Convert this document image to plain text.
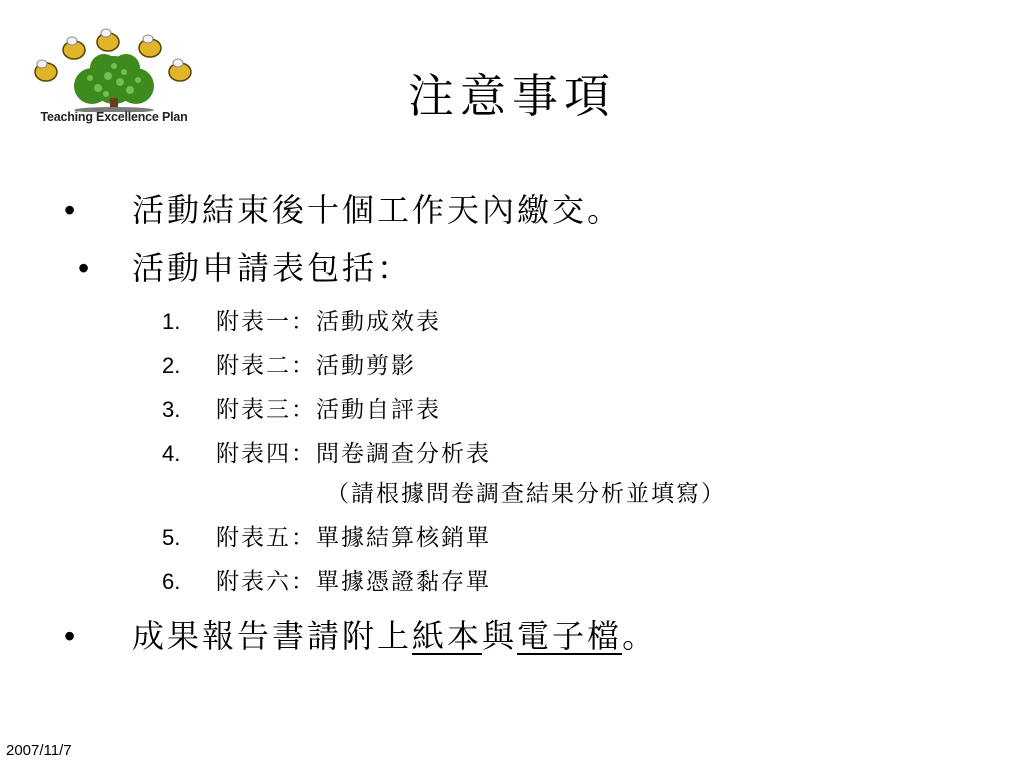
Teaching Excellence Plan	注意事項
• 活動結束後十個工作天內繳交。
• 活動申請表包括：
1. 附表一：活動成效表
2. 附表二：活動剪影
3. 附表三：活動自評表
4. 附表四：問卷調查分析表
（請根據問卷調查結果分析並填寫）
5. 附表五：單據結算核銷單
6. 附表六：單據憑證黏存單
• 成果報告書請附上紙本與電子檔。
2007/11/7
